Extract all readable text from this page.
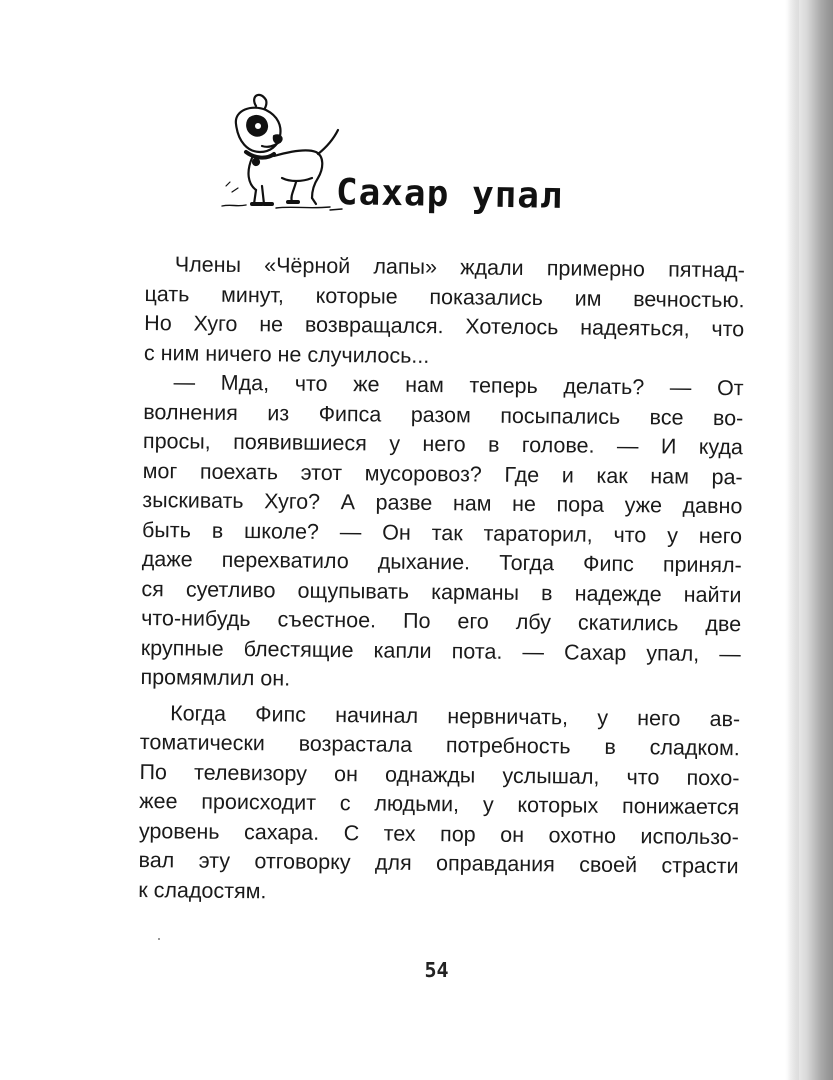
Сахар упал
Члены «Чёрной лапы» ждали примерно пятнад-
цать минут, которые показались им вечностью.
Но Хуго не возвращался. Хотелось надеяться, что
с ним ничего не случилось...
— Мда, что же нам теперь делать? — От
волнения из Фипса разом посыпались все во-
просы, появившиеся у него в голове. — И куда
мог поехать этот мусоровоз? Где и как нам ра-
зыскивать Хуго? А разве нам не пора уже давно
быть в школе? — Он так тараторил, что у него
даже перехватило дыхание. Тогда Фипс принял-
ся суетливо ощупывать карманы в надежде найти
что-нибудь съестное. По его лбу скатились две
крупные блестящие капли пота. — Сахар упал, —
промямлил он.
Когда Фипс начинал нервничать, у него ав-
томатически возрастала потребность в сладком.
По телевизору он однажды услышал, что похо-
жее происходит с людьми, у которых понижается
уровень сахара. С тех пор он охотно использо-
вал эту отговорку для оправдания своей страсти
к сладостям.
54
